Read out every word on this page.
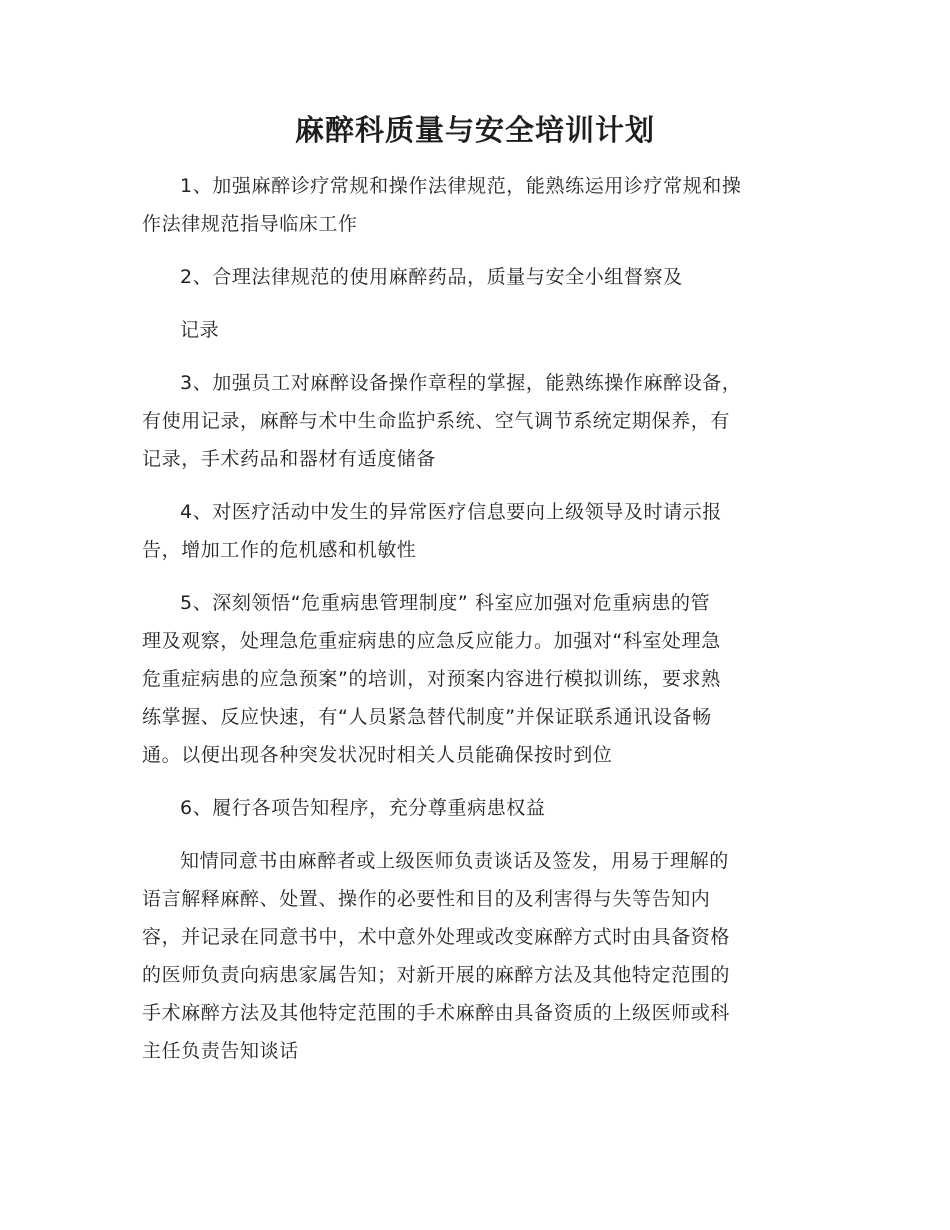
麻醉科质量与安全培训计划

1、加强麻醉诊疗常规和操作法律规范，能熟练运用诊疗常规和操
作法律规范指导临床工作

2、合理法律规范的使用麻醉药品，质量与安全小组督察及

记录

3、加强员工对麻醉设备操作章程的掌握，能熟练操作麻醉设备，
有使用记录，麻醉与术中生命监护系统、空气调节系统定期保养，有
记录，手术药品和器材有适度储备

4、对医疗活动中发生的异常医疗信息要向上级领导及时请示报
告，增加工作的危机感和机敏性

5、深刻领悟“危重病患管理制度” 科室应加强对危重病患的管
理及观察，处理急危重症病患的应急反应能力。加强对“科室处理急
危重症病患的应急预案”的培训，对预案内容进行模拟训练，要求熟
练掌握、反应快速，有“人员紧急替代制度”并保证联系通讯设备畅
通。以便出现各种突发状况时相关人员能确保按时到位

6、履行各项告知程序，充分尊重病患权益

知情同意书由麻醉者或上级医师负责谈话及签发，用易于理解的
语言解释麻醉、处置、操作的必要性和目的及利害得与失等告知内
容，并记录在同意书中，术中意外处理或改变麻醉方式时由具备资格
的医师负责向病患家属告知；对新开展的麻醉方法及其他特定范围的
手术麻醉方法及其他特定范围的手术麻醉由具备资质的上级医师或科
主任负责告知谈话
